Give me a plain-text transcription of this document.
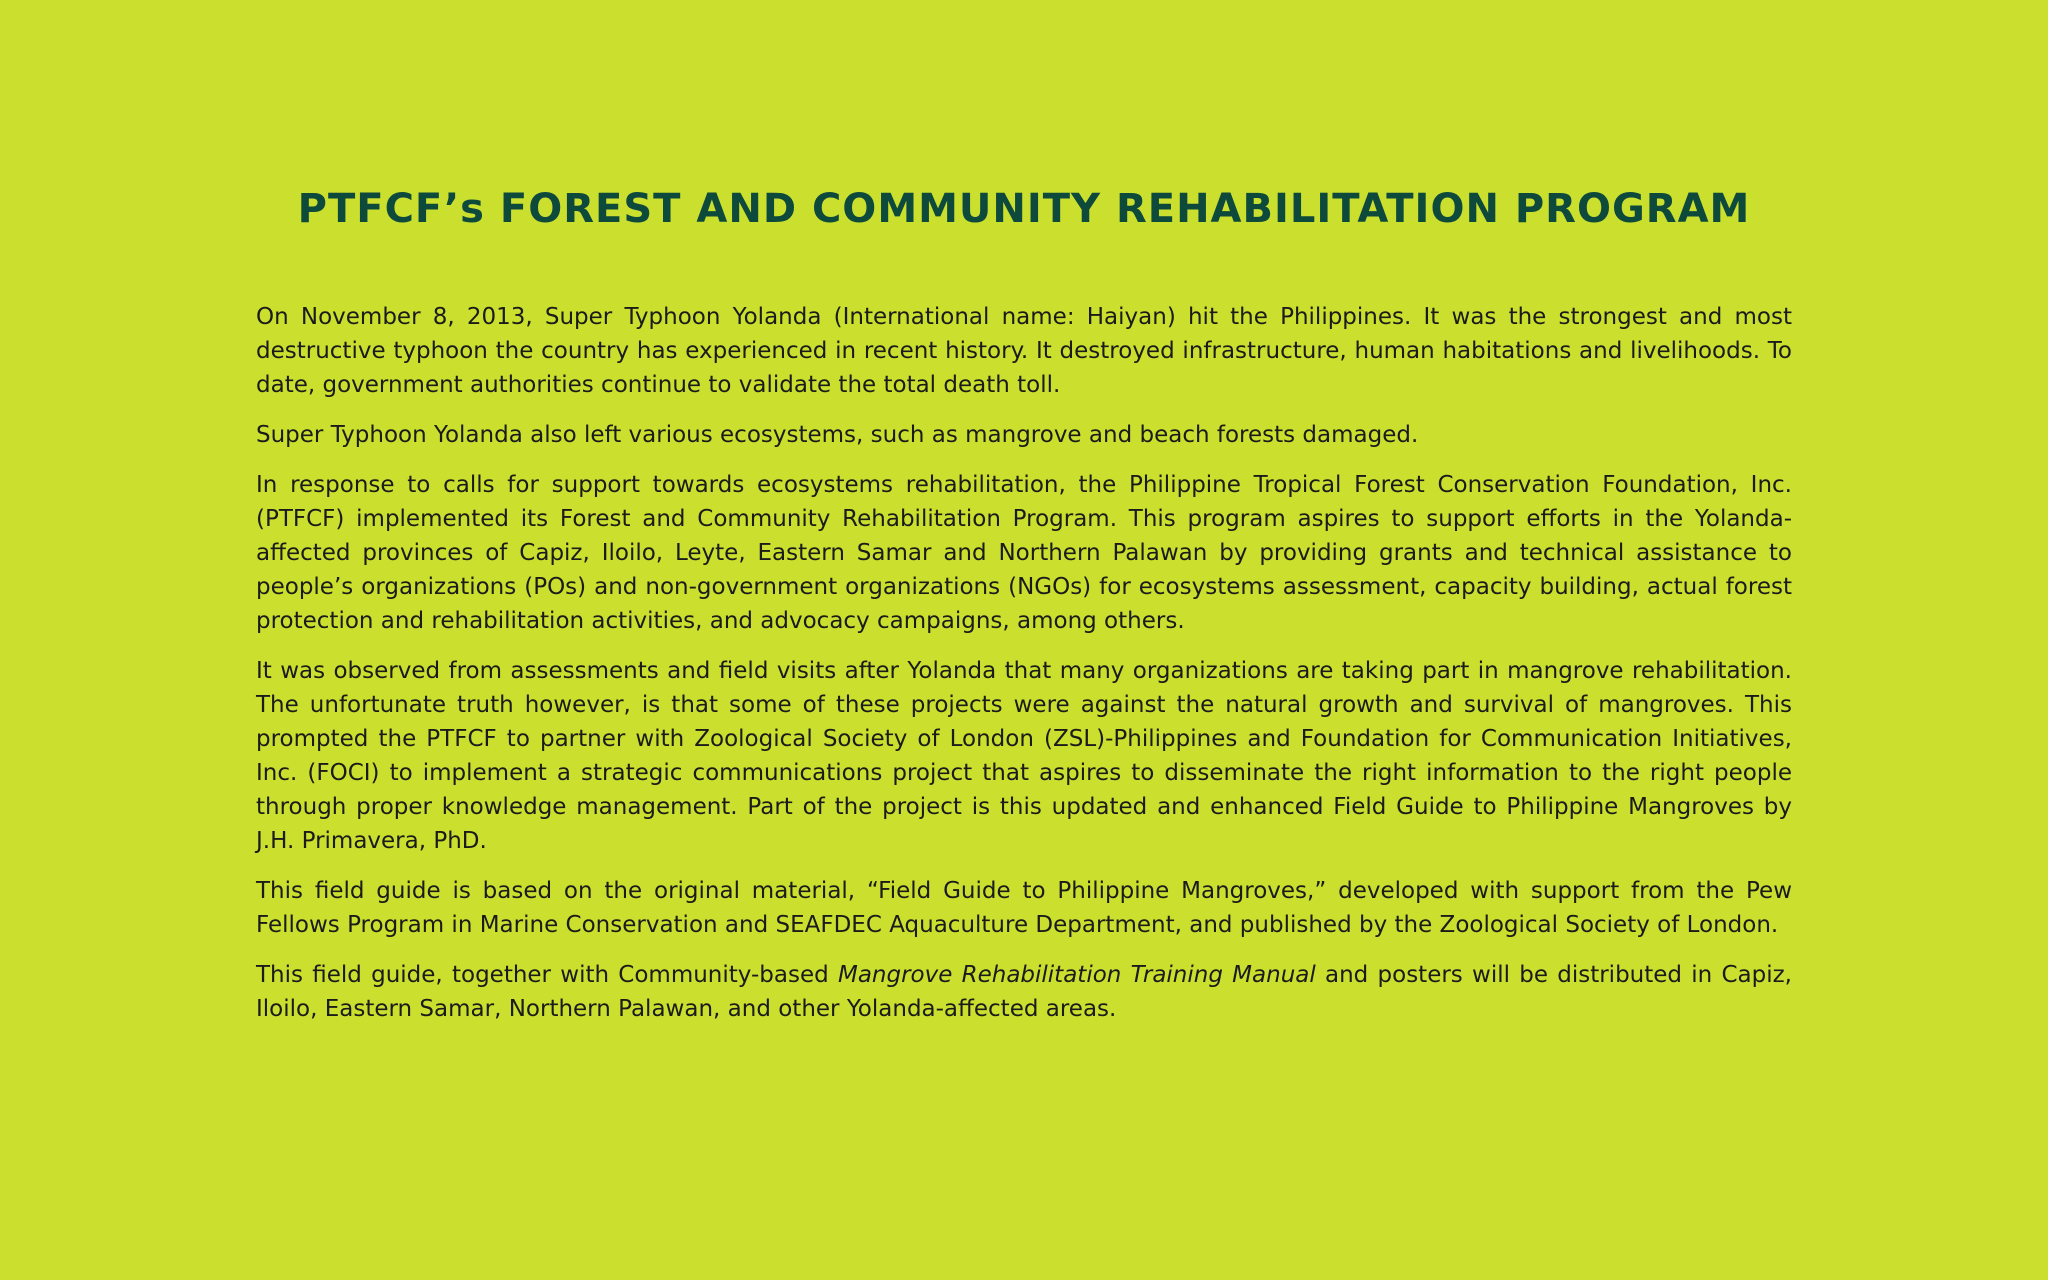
PTFCF’s FOREST AND COMMUNITY REHABILITATION PROGRAM

On November 8, 2013, Super Typhoon Yolanda (International name: Haiyan) hit the Philippines. It was the strongest and most destructive typhoon the country has experienced in recent history. It destroyed infrastructure, human habitations and livelihoods. To date, government authorities continue to validate the total death toll.

Super Typhoon Yolanda also left various ecosystems, such as mangrove and beach forests damaged.

In response to calls for support towards ecosystems rehabilitation, the Philippine Tropical Forest Conservation Foundation, Inc. (PTFCF) implemented its Forest and Community Rehabilitation Program. This program aspires to support efforts in the Yolanda-affected provinces of Capiz, Iloilo, Leyte, Eastern Samar and Northern Palawan by providing grants and technical assistance to people’s organizations (POs) and non-government organizations (NGOs) for ecosystems assessment, capacity building, actual forest protection and rehabilitation activities, and advocacy campaigns, among others.

It was observed from assessments and field visits after Yolanda that many organizations are taking part in mangrove rehabilitation. The unfortunate truth however, is that some of these projects were against the natural growth and survival of mangroves. This prompted the PTFCF to partner with Zoological Society of London (ZSL)-Philippines and Foundation for Communication Initiatives, Inc. (FOCI) to implement a strategic communications project that aspires to disseminate the right information to the right people through proper knowledge management. Part of the project is this updated and enhanced Field Guide to Philippine Mangroves by J.H. Primavera, PhD.

This field guide is based on the original material, “Field Guide to Philippine Mangroves,” developed with support from the Pew Fellows Program in Marine Conservation and SEAFDEC Aquaculture Department, and published by the Zoological Society of London.

This field guide, together with Community-based Mangrove Rehabilitation Training Manual and posters will be distributed in Capiz, Iloilo, Eastern Samar, Northern Palawan, and other Yolanda-affected areas.
